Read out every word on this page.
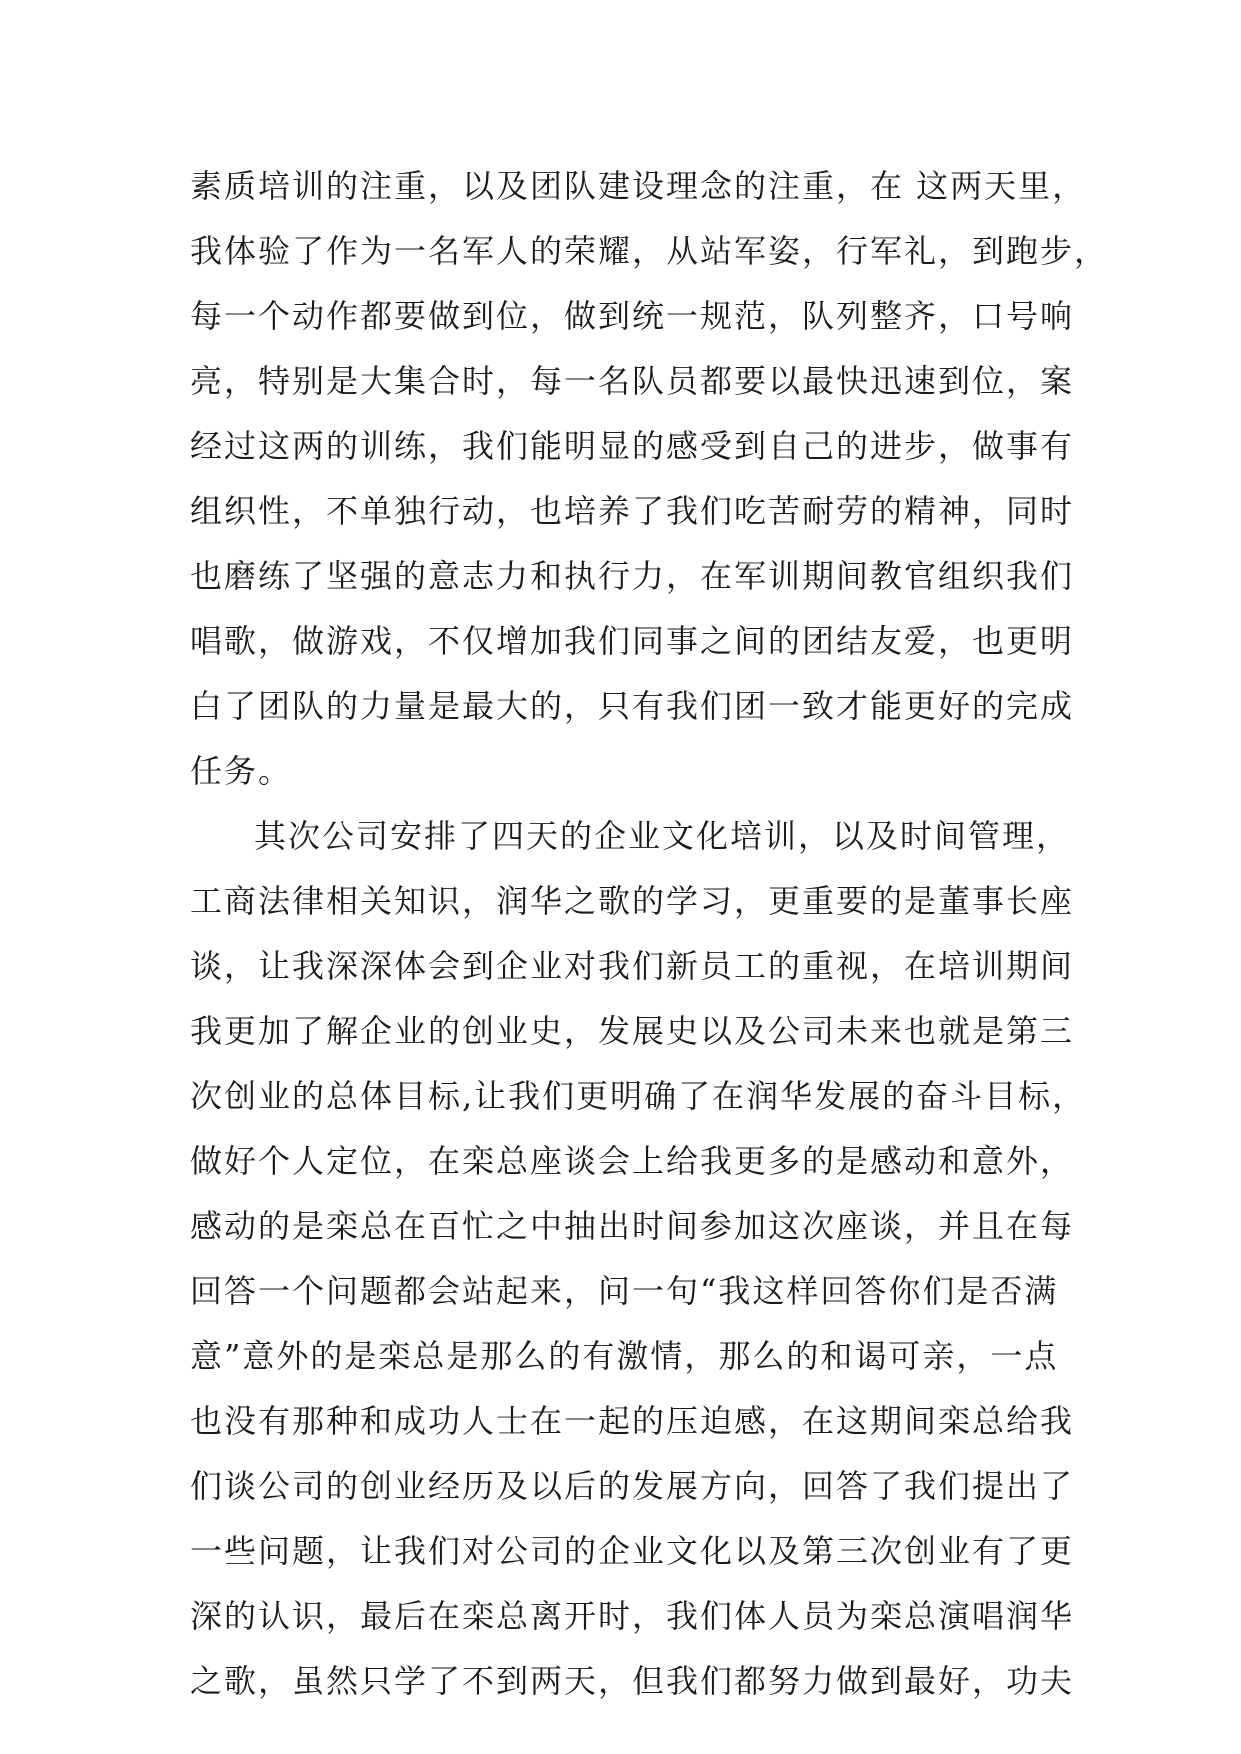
素质培训的注重，以及团队建设理念的注重，在 这两天里，
我体验了作为一名军人的荣耀，从站军姿，行军礼，到跑步，
每一个动作都要做到位，做到统一规范，队列整齐，口号响
亮，特别是大集合时，每一名队员都要以最快迅速到位，案
经过这两的训练，我们能明显的感受到自己的进步，做事有
组织性，不单独行动，也培养了我们吃苦耐劳的精神，同时
也磨练了坚强的意志力和执行力，在军训期间教官组织我们
唱歌，做游戏，不仅增加我们同事之间的团结友爱，也更明
白了团队的力量是最大的，只有我们团一致才能更好的完成
任务。
其次公司安排了四天的企业文化培训，以及时间管理，
工商法律相关知识，润华之歌的学习，更重要的是董事长座
谈，让我深深体会到企业对我们新员工的重视，在培训期间
我更加了解企业的创业史，发展史以及公司未来也就是第三
次创业的总体目标,让我们更明确了在润华发展的奋斗目标，
做好个人定位，在栾总座谈会上给我更多的是感动和意外，
感动的是栾总在百忙之中抽出时间参加这次座谈，并且在每
回答一个问题都会站起来，问一句“我这样回答你们是否满
意”意外的是栾总是那么的有激情，那么的和谒可亲，一点
也没有那种和成功人士在一起的压迫感，在这期间栾总给我
们谈公司的创业经历及以后的发展方向，回答了我们提出了
一些问题，让我们对公司的企业文化以及第三次创业有了更
深的认识，最后在栾总离开时，我们体人员为栾总演唱润华
之歌，虽然只学了不到两天，但我们都努力做到最好，功夫
